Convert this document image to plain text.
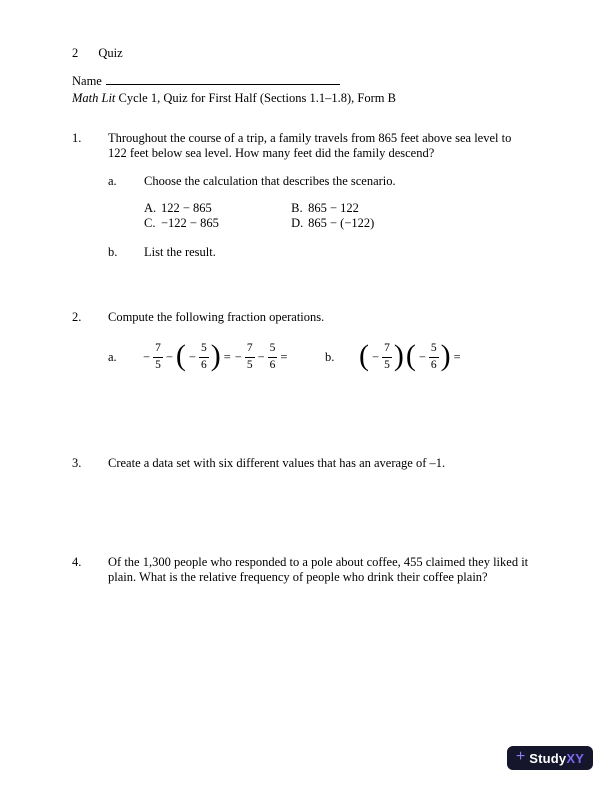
2 Quiz
Name
Math Lit Cycle 1, Quiz for First Half (Sections 1.1–1.8), Form B
1. Throughout the course of a trip, a family travels from 865 feet above sea level to
122 feet below sea level. How many feet did the family descend?
a. Choose the calculation that describes the scenario.
A. 122 − 865	B. 865 − 122
C. −122 − 865	D. 865 − (−122)
b. List the result.
2. Compute the following fraction operations.
a. − $\frac{7}{5}$ − ( − $\frac{5}{6}$ ) = − $\frac{7}{5} - \frac{5}{6}$ =	b. ( − $\frac{7}{5}$ ) ( − $\frac{5}{6}$ ) =
3. Create a data set with six different values that has an average of –1.
4. Of the 1,300 people who responded to a pole about coffee, 455 claimed they liked it
plain. What is the relative frequency of people who drink their coffee plain?
+ StudyXY
